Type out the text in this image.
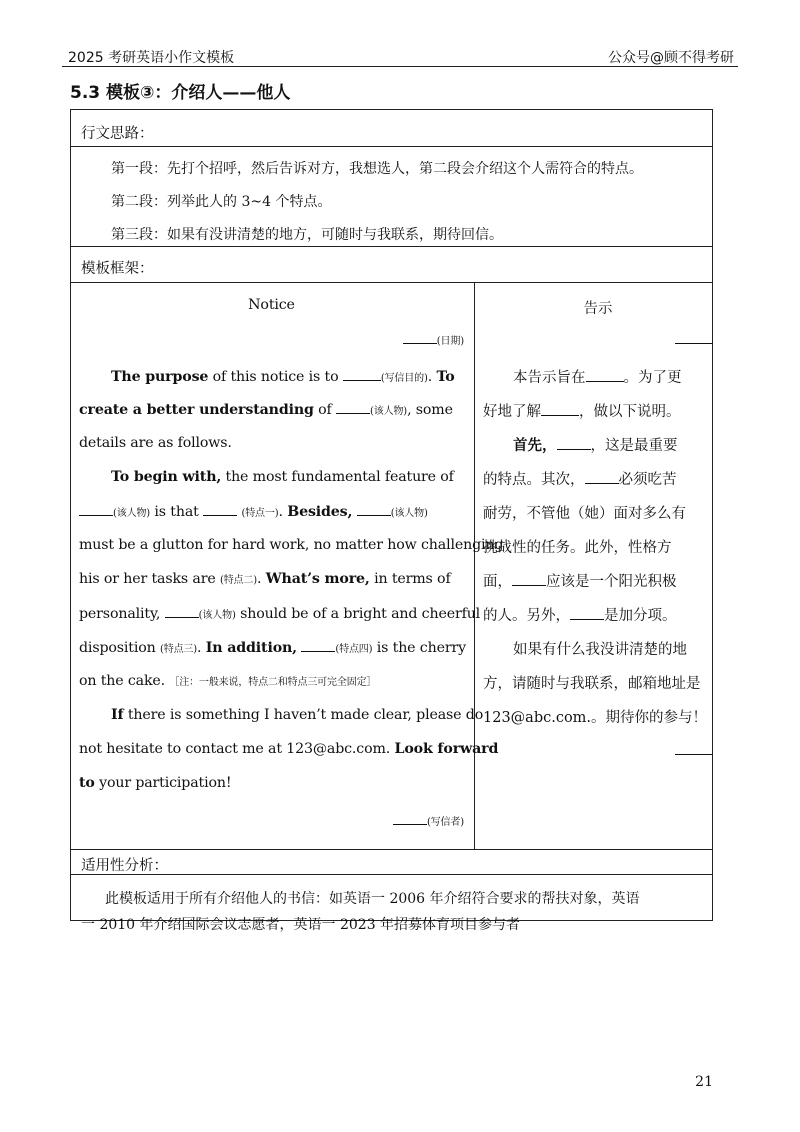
2025 考研英语小作文模板	公众号@顾不得考研
5.3 模板③：介绍人——他人
行文思路：
第一段：先打个招呼，然后告诉对方，我想选人，第二段会介绍这个人需符合的特点。
第二段：列举此人的 3~4 个特点。
第三段：如果有没讲清楚的地方，可随时与我联系，期待回信。
模板框架：
Notice
(日期)
The purpose of this notice is to	(写信目的). To
create a better understanding of	(该人物), some
details are as follows.
To begin with, the most fundamental feature of
(该人物) is that	(特点一). Besides,	(该人物)
must be a glutton for hard work, no matter how challenging
his or her tasks are (特点二). What’s more, in terms of
personality,	(该人物) should be of a bright and cheerful
disposition (特点三). In addition,	(特点四) is the cherry
on the cake. ［注：一般来说，特点二和特点三可完全固定］
If there is something I haven’t made clear, please do
not hesitate to contact me at 123@abc.com. Look forward
to your participation!
(写信者)
告示
本告示旨在	。为了更
好地了解	，做以下说明。
首先， ，这是最重要
的特点。其次， 必须吃苦
耐劳，不管他（她）面对多么有
挑战性的任务。此外，性格方
面， 应该是一个阳光积极
的人。另外， 是加分项。
如果有什么我没讲清楚的地
方，请随时与我联系，邮箱地址是
123@abc.com.。期待你的参与！
适用性分析：
此模板适用于所有介绍他人的书信：如英语一 2006 年介绍符合要求的帮扶对象，英语
一 2010 年介绍国际会议志愿者，英语一 2023 年招募体育项目参与者
21
